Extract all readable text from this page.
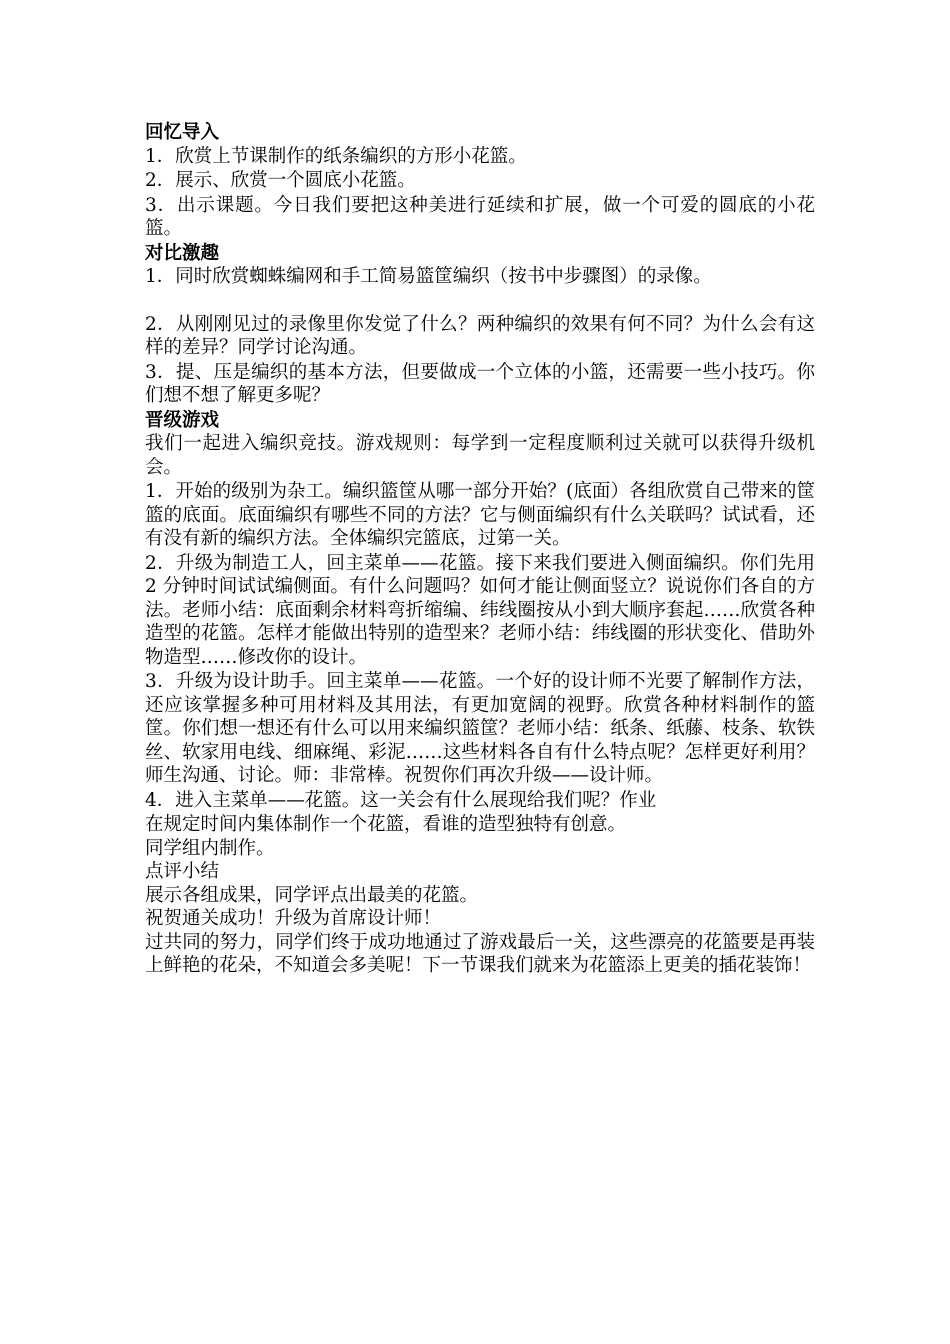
回忆导入

1．欣赏上节课制作的纸条编织的方形小花篮。

2．展示、欣赏一个圆底小花篮。

3．出示课题。今日我们要把这种美进行延续和扩展，做一个可爱的圆底的小花篮。

对比激趣

1．同时欣赏蜘蛛编网和手工简易篮筐编织（按书中步骤图）的录像。

2．从刚刚见过的录像里你发觉了什么？两种编织的效果有何不同？为什么会有这样的差异？同学讨论沟通。

3．提、压是编织的基本方法，但要做成一个立体的小篮，还需要一些小技巧。你们想不想了解更多呢？

晋级游戏

我们一起进入编织竞技。游戏规则：每学到一定程度顺利过关就可以获得升级机会。

1．开始的级别为杂工。编织篮筐从哪一部分开始？(底面）各组欣赏自己带来的筐篮的底面。底面编织有哪些不同的方法？它与侧面编织有什么关联吗？试试看，还有没有新的编织方法。全体编织完篮底，过第一关。

2．升级为制造工人，回主菜单——花篮。接下来我们要进入侧面编织。你们先用 2 分钟时间试试编侧面。有什么问题吗？如何才能让侧面竖立？说说你们各自的方法。老师小结：底面剩余材料弯折缩编、纬线圈按从小到大顺序套起……欣赏各种造型的花篮。怎样才能做出特别的造型来？老师小结：纬线圈的形状变化、借助外物造型……修改你的设计。

3．升级为设计助手。回主菜单——花篮。一个好的设计师不光要了解制作方法，还应该掌握多种可用材料及其用法，有更加宽阔的视野。欣赏各种材料制作的篮筐。你们想一想还有什么可以用来编织篮筐？老师小结：纸条、纸藤、枝条、软铁丝、软家用电线、细麻绳、彩泥……这些材料各自有什么特点呢？怎样更好利用？师生沟通、讨论。师：非常棒。祝贺你们再次升级——设计师。

4．进入主菜单——花篮。这一关会有什么展现给我们呢？作业

在规定时间内集体制作一个花篮，看谁的造型独特有创意。

同学组内制作。

点评小结

展示各组成果，同学评点出最美的花篮。

祝贺通关成功！升级为首席设计师！

过共同的努力，同学们终于成功地通过了游戏最后一关，这些漂亮的花篮要是再装上鲜艳的花朵，不知道会多美呢！下一节课我们就来为花篮添上更美的插花装饰！
